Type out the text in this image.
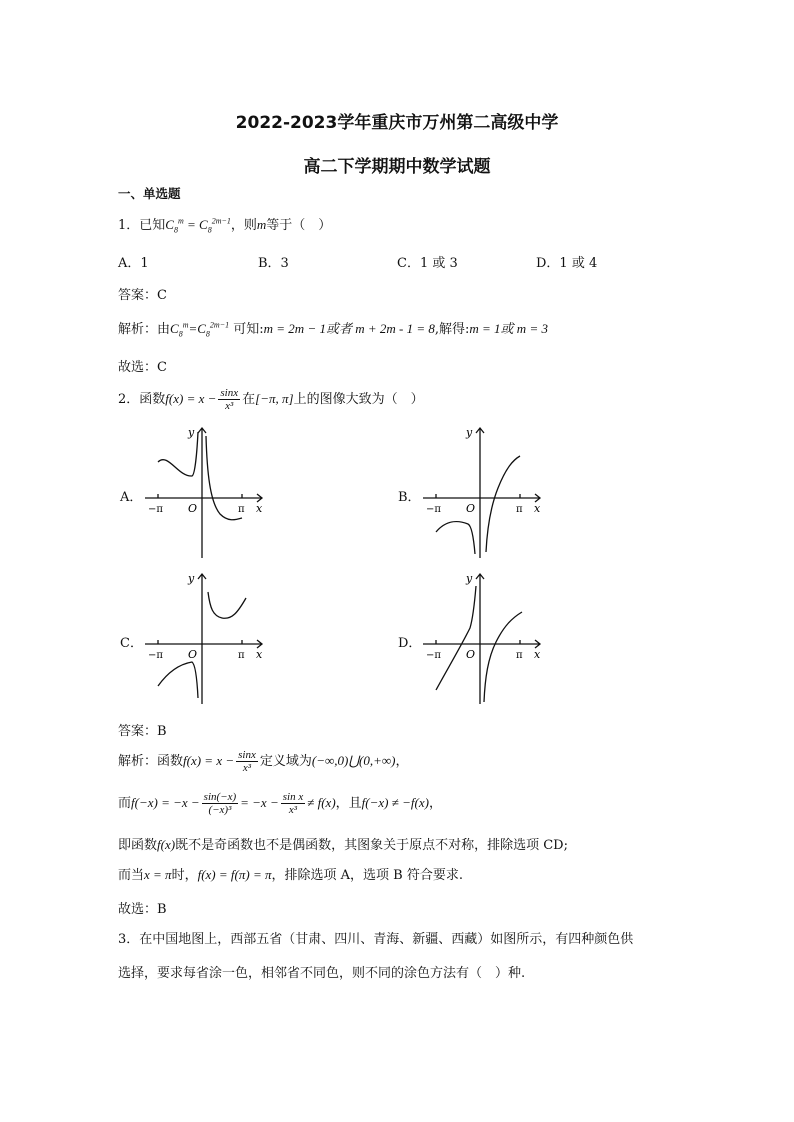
2022-2023学年重庆市万州第二高级中学
高二下学期期中数学试题
一、单选题
1．已知$C_8^m = C_8^{2m-1}$，则m等于（　）
A．1	B．3	C．1 或 3	D．1 或 4
答案：C
解析：由$C_8^m=C_8^{2m-1}$ 可知:m = 2m − 1或者 m + 2m - 1 = 8,解得:m = 1或 m = 3
故选：C
2．函数$f(x) = x - \frac{\sin x}{\text{x³}}$ 在[−π, π]上的图像大致为（　）
A．	B．
C．	D．
y
x
O
−π	π
y
x
O
−π	π
y
x
O
−π	π
y
x
O
−π	π
答案：B
解析：函数$f(x) = x - \frac{\sin x}{\text{x³}}$ 定义域为(−∞,0)⋃(0,+∞)，
而$f(-x) = -x - \frac{\sin(-x)}{\text{(−x)³}} = -x - \frac{\text{sin x}}{\text{x³}} \ne f(x)$，且f(−x) ≠ −f(x)，
即函数f(x)既不是奇函数也不是偶函数，其图象关于原点不对称，排除选项 CD;
而当x = π时，f(x) = f(π) = π，排除选项 A，选项 B 符合要求.
故选：B
3．在中国地图上，西部五省（甘肃、四川、青海、新疆、西藏）如图所示，有四种颜色供
选择，要求每省涂一色，相邻省不同色，则不同的涂色方法有（　）种.
